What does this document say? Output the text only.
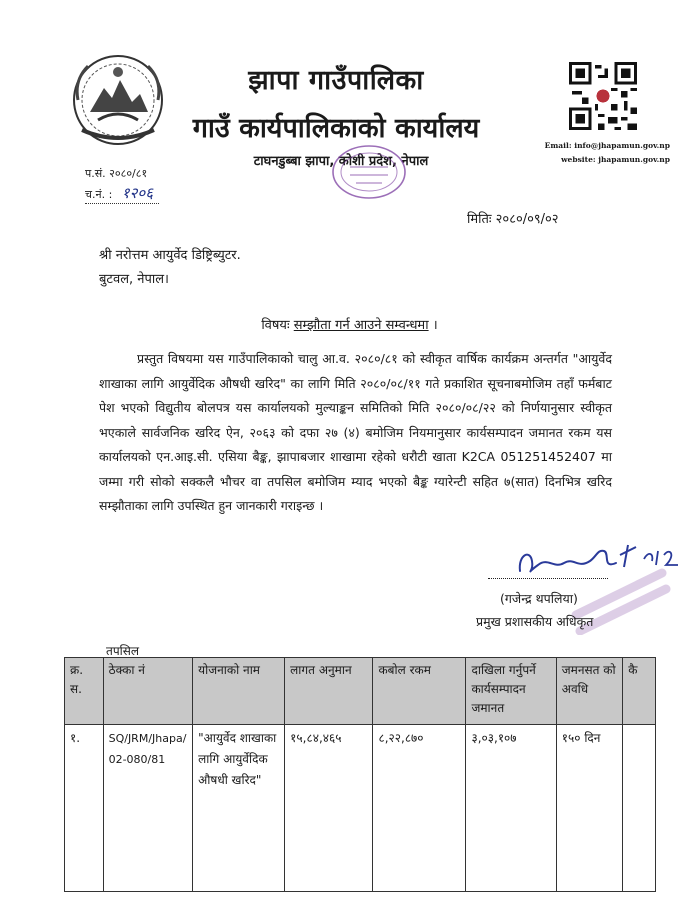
झापा गाउँपालिका
गाउँ कार्यपालिकाको कार्यालय
टाघनडुब्बा झापा, कोशी प्रदेश, नेपाल
Email: info@jhapamun.gov.np
website: jhapamun.gov.np
प.सं. २०८०/८१
च.नं. : १२०६
मितिः २०८०/०९/०२
श्री नरोत्तम आयुर्वेद डिष्ट्रिब्युटर.
बुटवल, नेपाल।
विषयः सम्झौता गर्न आउने सम्वन्धमा ।
प्रस्तुत विषयमा यस गाउँपालिकाको चालु आ.व. २०८०/८१ को स्वीकृत वार्षिक कार्यक्रम अन्तर्गत "आयुर्वेद शाखाका लागि आयुर्वेदिक औषधी खरिद" का लागि मिति २०८०/०८/११ गते प्रकाशित सूचनाबमोजिम तहाँ फर्मबाट पेश भएको विद्युतीय बोलपत्र यस कार्यालयको मुल्याङ्कन समितिको मिति २०८०/०८/२२ को निर्णयानुसार स्वीकृत भएकाले सार्वजनिक खरिद ऐन, २०६३ को दफा २७ (४) बमोजिम नियमानुसार कार्यसम्पादन जमानत रकम यस कार्यालयको एन.आइ.सी. एसिया बैङ्क, झापाबजार शाखामा रहेको धरौटी खाता K2CA 051251452407 मा जम्मा गरी सोको सक्कलै भौचर वा तपसिल बमोजिम म्याद भएको बैङ्क ग्यारेन्टी सहित ७(सात) दिनभित्र खरिद सम्झौताका लागि उपस्थित हुन जानकारी गराइन्छ ।
(गजेन्द्र थपलिया)
प्रमुख प्रशासकीय अधिकृत
तपसिल
क्र. स.	ठेक्का नं	योजनाको नाम	लागत अनुमान	कबोल रकम	दाखिला गर्नुपर्ने कार्यसम्पादन जमानत	जमनसत को अवधि	कै
१.	SQ/JRM/Jhapa/02-080/81	"आयुर्वेद शाखाका लागि आयुर्वेदिक औषधी खरिद"	१५,८४,४६५	८,२२,८७०	३,०३,१०७	१५० दिन	
